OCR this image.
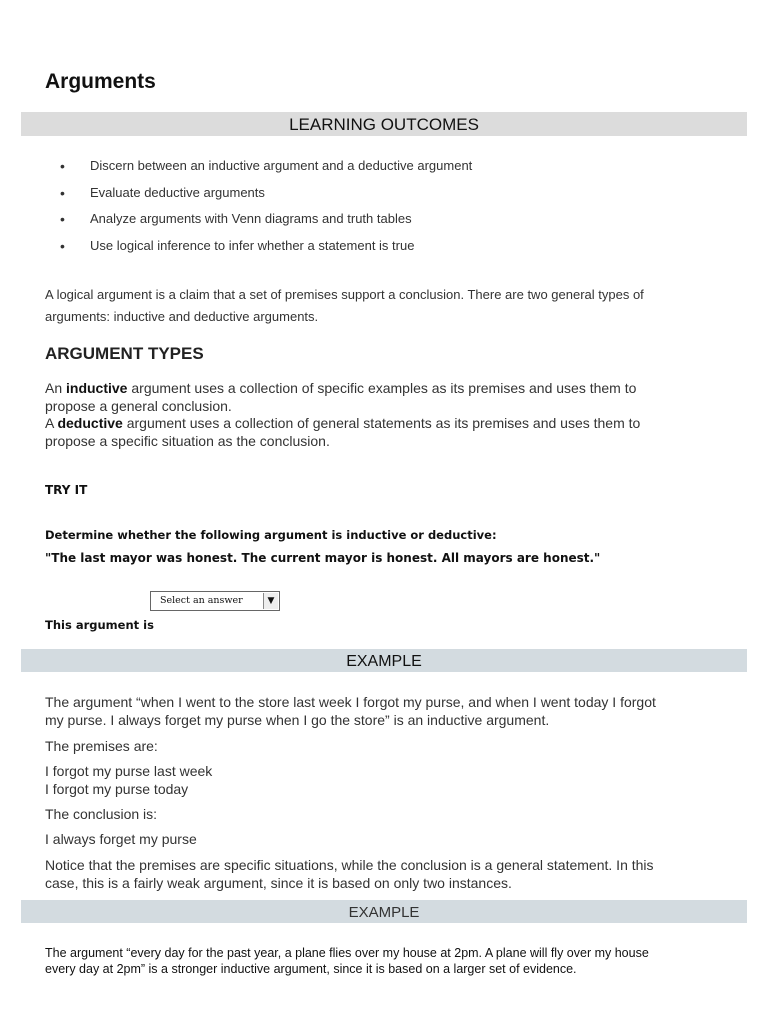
Arguments
LEARNING OUTCOMES
• Discern between an inductive argument and a deductive argument
• Evaluate deductive arguments
• Analyze arguments with Venn diagrams and truth tables
• Use logical inference to infer whether a statement is true
A logical argument is a claim that a set of premises support a conclusion. There are two general types of
arguments: inductive and deductive arguments.
ARGUMENT TYPES
An inductive argument uses a collection of specific examples as its premises and uses them to
propose a general conclusion.
A deductive argument uses a collection of general statements as its premises and uses them to
propose a specific situation as the conclusion.
TRY IT
Determine whether the following argument is inductive or deductive:
"The last mayor was honest. The current mayor is honest. All mayors are honest."
Select an answer	▼
This argument is
EXAMPLE
The argument “when I went to the store last week I forgot my purse, and when I went today I forgot
my purse. I always forget my purse when I go the store” is an inductive argument.
The premises are:
I forgot my purse last week
I forgot my purse today
The conclusion is:
I always forget my purse
Notice that the premises are specific situations, while the conclusion is a general statement. In this
case, this is a fairly weak argument, since it is based on only two instances.
EXAMPLE
The argument “every day for the past year, a plane flies over my house at 2pm. A plane will fly over my house
every day at 2pm” is a stronger inductive argument, since it is based on a larger set of evidence.
